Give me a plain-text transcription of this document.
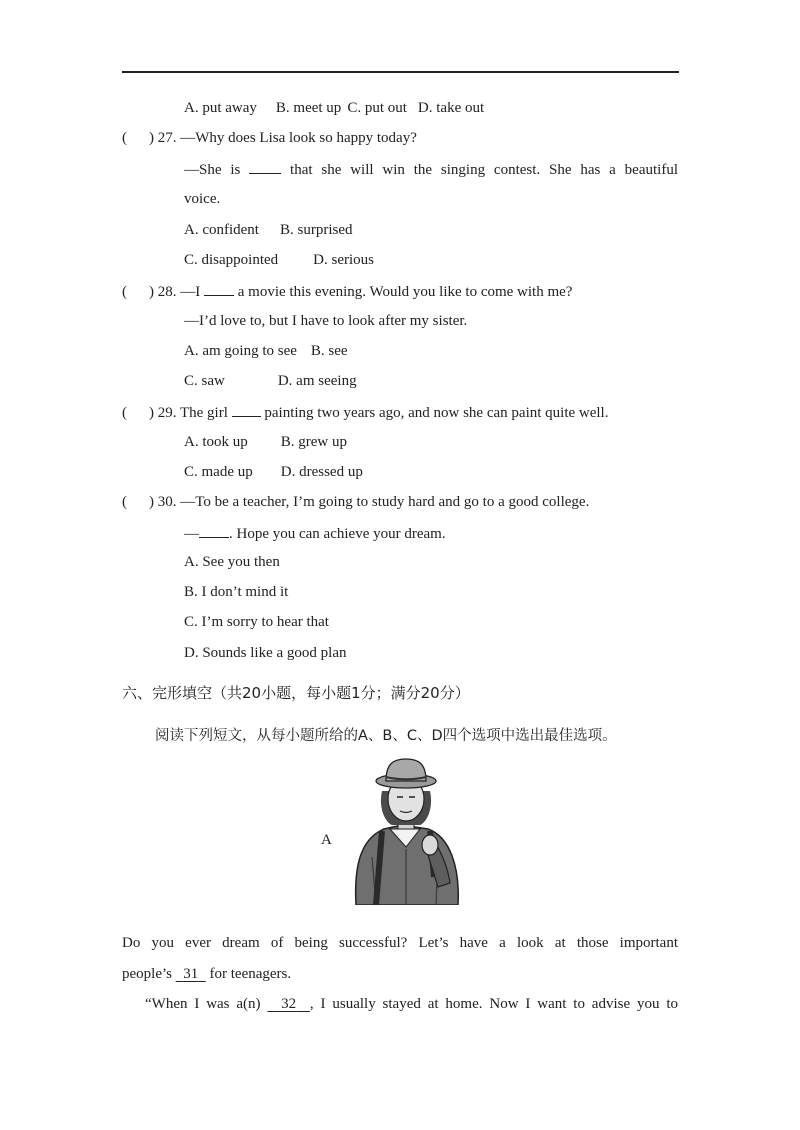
A. put away B. meet up C. put out D. take out
( ) 27. —Why does Lisa look so happy today?
—She is	that she will win the singing contest. She has a beautiful
voice.
A. confident B. surprised
C. disappointed D. serious
( ) 28. —I	a movie this evening. Would you like to come with me?
—I’d love to, but I have to look after my sister.
A. am going to see B. see
C. saw	D. am seeing
( ) 29. The girl painting two years ago, and now she can paint quite well.
A. took up B. grew up
C. made up D. dressed up
( ) 30. —To be a teacher, I’m going to study hard and go to a good college.
— . Hope you can achieve your dream.
A. See you then
B. I don’t mind it
C. I’m sorry to hear that
D. Sounds like a good plan
六、完形填空（共20小题，每小题1分；满分20分）
阅读下列短文，从每小题所给的A、B、C、D四个选项中选出最佳选项。
A
Do you ever dream of being successful? Let’s have a look at those important
people’s 31 for teenagers.
“When I was a(n) 32 , I usually stayed at home. Now I want to advise you to
